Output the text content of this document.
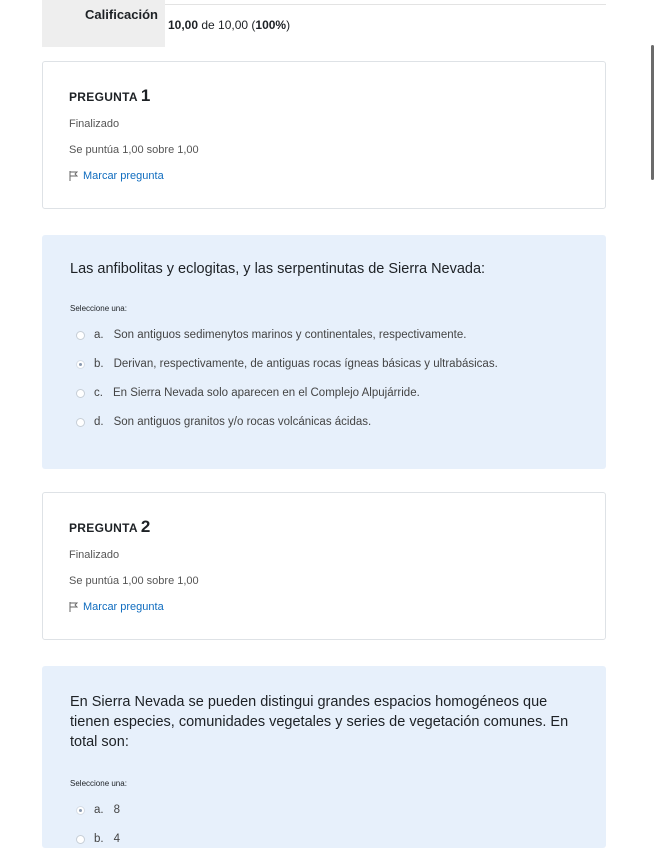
Calificación
10,00 de 10,00 (100%)
PREGUNTA 1
Finalizado
Se puntúa 1,00 sobre 1,00
Marcar pregunta
Las anfibolitas y eclogitas, y las serpentinutas de Sierra Nevada:
Seleccione una:
a. Son antiguos sedimenytos marinos y continentales, respectivamente.
b. Derivan, respectivamente, de antiguas rocas ígneas básicas y ultrabásicas.
c. En Sierra Nevada solo aparecen en el Complejo Alpujárride.
d. Son antiguos granitos y/o rocas volcánicas ácidas.
PREGUNTA 2
Finalizado
Se puntúa 1,00 sobre 1,00
Marcar pregunta
En Sierra Nevada se pueden distingui grandes espacios homogéneos que tienen especies, comunidades vegetales y series de vegetación comunes. En total son:
Seleccione una:
a. 8
b. 4
